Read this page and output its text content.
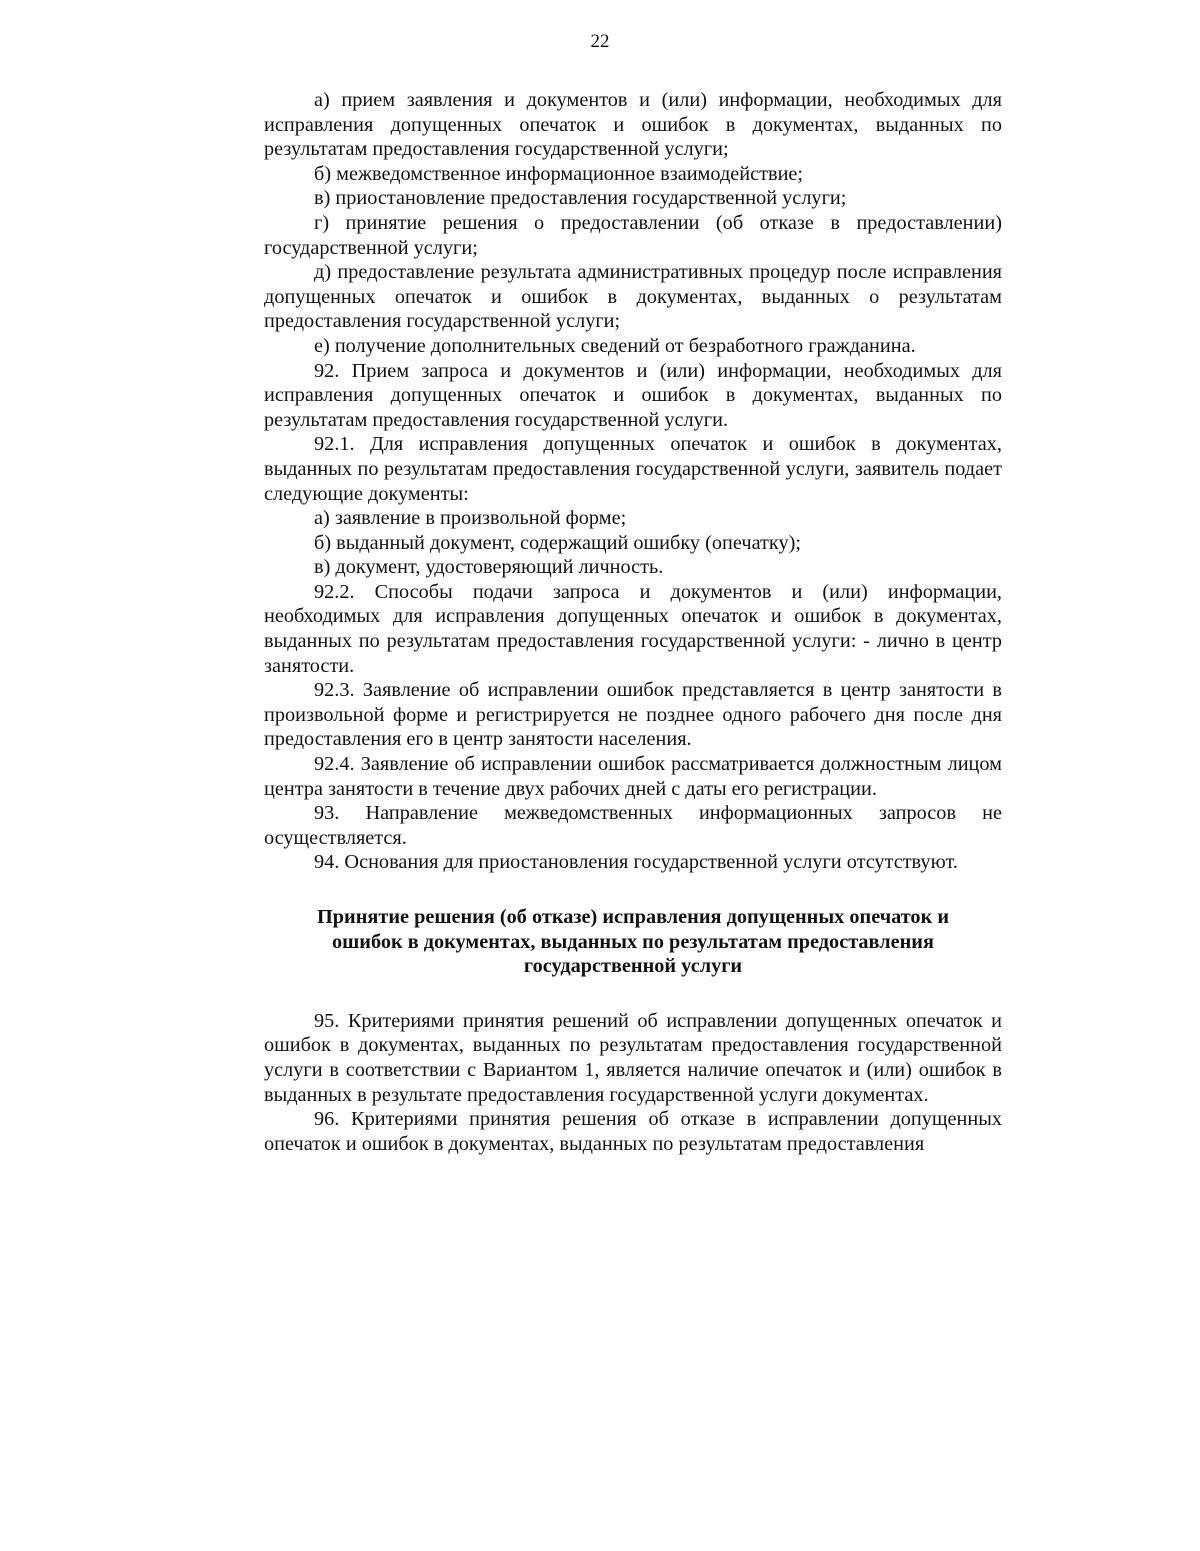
22

а) прием заявления и документов и (или) информации, необходимых для исправления допущенных опечаток и ошибок в документах, выданных по результатам предоставления государственной услуги;

б) межведомственное информационное взаимодействие;

в) приостановление предоставления государственной услуги;

г) принятие решения о предоставлении (об отказе в предоставлении) государственной услуги;

д) предоставление результата административных процедур после исправления допущенных опечаток и ошибок в документах, выданных о результатам предоставления государственной услуги;

е) получение дополнительных сведений от безработного гражданина.

92. Прием запроса и документов и (или) информации, необходимых для исправления допущенных опечаток и ошибок в документах, выданных по результатам предоставления государственной услуги.

92.1. Для исправления допущенных опечаток и ошибок в документах, выданных по результатам предоставления государственной услуги, заявитель подает следующие документы:

а) заявление в произвольной форме;

б) выданный документ, содержащий ошибку (опечатку);

в) документ, удостоверяющий личность.

92.2. Способы подачи запроса и документов и (или) информации, необходимых для исправления допущенных опечаток и ошибок в документах, выданных по результатам предоставления государственной услуги: - лично в центр занятости.

92.3. Заявление об исправлении ошибок представляется в центр занятости в произвольной форме и регистрируется не позднее одного рабочего дня после дня предоставления его в центр занятости населения.

92.4. Заявление об исправлении ошибок рассматривается должностным лицом центра занятости в течение двух рабочих дней с даты его регистрации.

93. Направление межведомственных информационных запросов не осуществляется.

94. Основания для приостановления государственной услуги отсутствуют.

Принятие решения (об отказе) исправления допущенных опечаток и
ошибок в документах, выданных по результатам предоставления
государственной услуги

95. Критериями принятия решений об исправлении допущенных опечаток и ошибок в документах, выданных по результатам предоставления государственной услуги в соответствии с Вариантом 1, является наличие опечаток и (или) ошибок в выданных в результате предоставления государственной услуги документах.

96. Критериями принятия решения об отказе в исправлении допущенных опечаток и ошибок в документах, выданных по результатам предоставления
